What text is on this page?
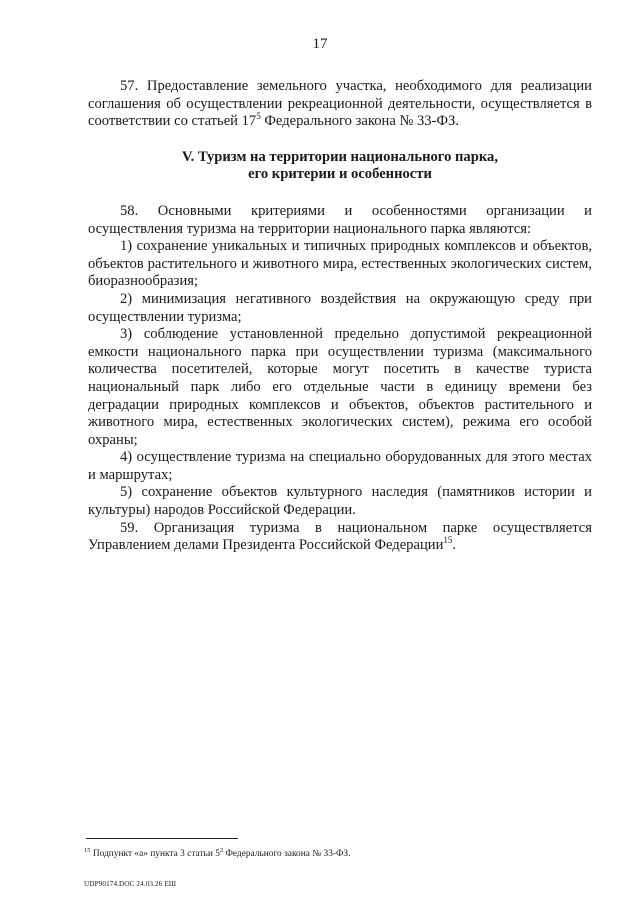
17

57. Предоставление земельного участка, необходимого для реализации соглашения об осуществлении рекреационной деятельности, осуществляется в соответствии со статьей $17^5$ Федерального закона № 33-ФЗ.

V. Туризм на территории национального парка,
его критерии и особенности

58. Основными критериями и особенностями организации и осуществления туризма на территории национального парка являются:

1) сохранение уникальных и типичных природных комплексов и объектов, объектов растительного и животного мира, естественных экологических систем, биоразнообразия;

2) минимизация негативного воздействия на окружающую среду при осуществлении туризма;

3) соблюдение установленной предельно допустимой рекреационной емкости национального парка при осуществлении туризма (максимального количества посетителей, которые могут посетить в качестве туриста национальный парк либо его отдельные части в единицу времени без деградации природных комплексов и объектов, объектов растительного и животного мира, естественных экологических систем), режима его особой охраны;

4) осуществление туризма на специально оборудованных для этого местах и маршрутах;

5) сохранение объектов культурного наследия (памятников истории и культуры) народов Российской Федерации.

59. Организация туризма в национальном парке осуществляется Управлением делами Президента Российской Федерации$^{15}$.

$^{15}$ Подпункт «а» пункта 3 статьи $5^2$ Федерального закона № 33-ФЗ.
UDP90174.DOC 24.03.26 ЕШ
